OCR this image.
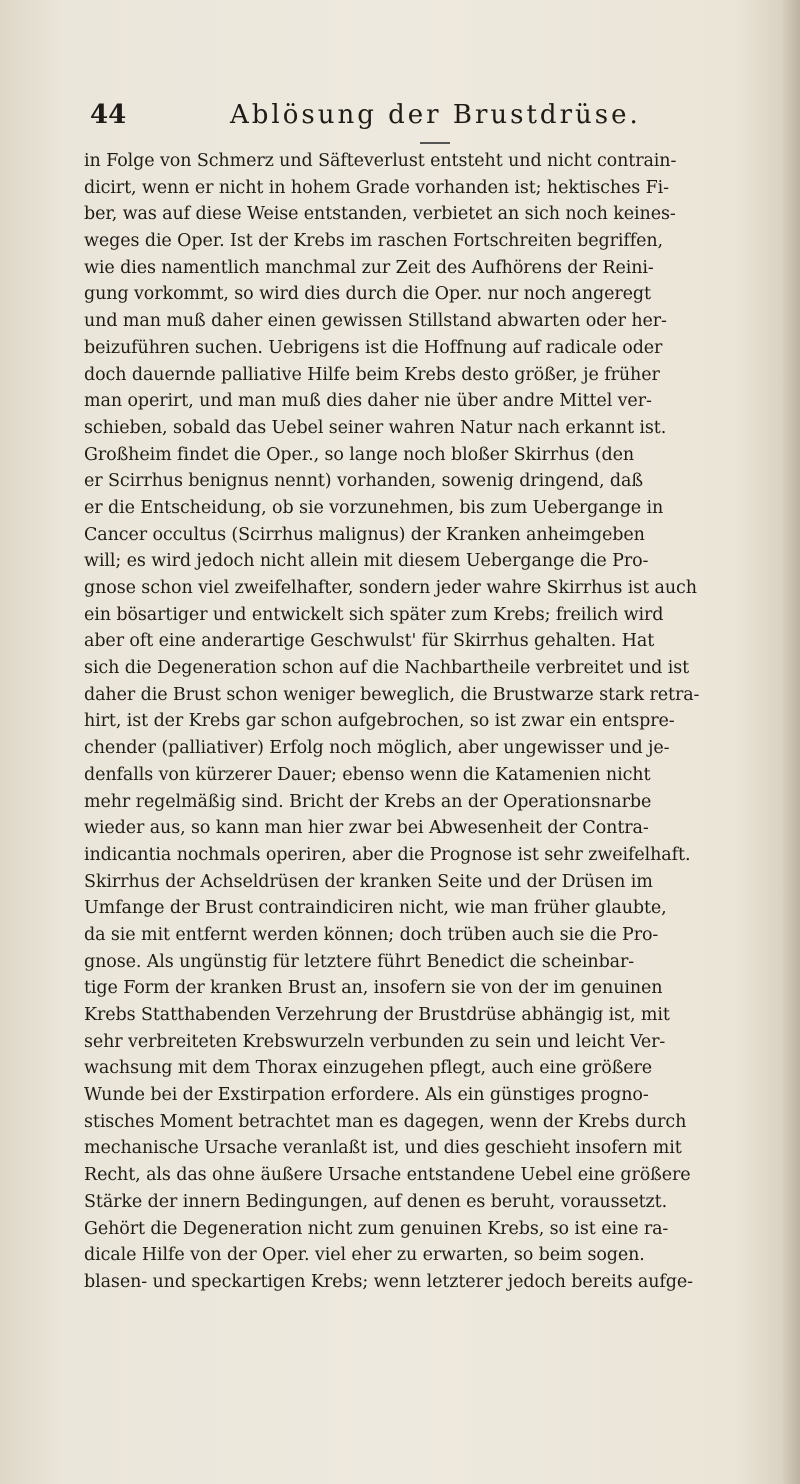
44	Ablösung der Brustdrüse.
in Folge von Schmerz und Säfteverlust entsteht und nicht contrain-
dicirt, wenn er nicht in hohem Grade vorhanden ist; hektisches Fi-
ber, was auf diese Weise entstanden, verbietet an sich noch keines-
weges die Oper. Ist der Krebs im raschen Fortschreiten begriffen,
wie dies namentlich manchmal zur Zeit des Aufhörens der Reini-
gung vorkommt, so wird dies durch die Oper. nur noch angeregt
und man muß daher einen gewissen Stillstand abwarten oder her-
beizuführen suchen. Uebrigens ist die Hoffnung auf radicale oder
doch dauernde palliative Hilfe beim Krebs desto größer, je früher
man operirt, und man muß dies daher nie über andre Mittel ver-
schieben, sobald das Uebel seiner wahren Natur nach erkannt ist.
Großheim findet die Oper., so lange noch bloßer Skirrhus (den
er Scirrhus benignus nennt) vorhanden, sowenig dringend, daß
er die Entscheidung, ob sie vorzunehmen, bis zum Uebergange in
Cancer occultus (Scirrhus malignus) der Kranken anheimgeben
will; es wird jedoch nicht allein mit diesem Uebergange die Pro-
gnose schon viel zweifelhafter, sondern jeder wahre Skirrhus ist auch
ein bösartiger und entwickelt sich später zum Krebs; freilich wird
aber oft eine anderartige Geschwulst' für Skirrhus gehalten. Hat
sich die Degeneration schon auf die Nachbartheile verbreitet und ist
daher die Brust schon weniger beweglich, die Brustwarze stark retra-
hirt, ist der Krebs gar schon aufgebrochen, so ist zwar ein entspre-
chender (palliativer) Erfolg noch möglich, aber ungewisser und je-
denfalls von kürzerer Dauer; ebenso wenn die Katamenien nicht
mehr regelmäßig sind. Bricht der Krebs an der Operationsnarbe
wieder aus, so kann man hier zwar bei Abwesenheit der Contra-
indicantia nochmals operiren, aber die Prognose ist sehr zweifelhaft.
Skirrhus der Achseldrüsen der kranken Seite und der Drüsen im
Umfange der Brust contraindiciren nicht, wie man früher glaubte,
da sie mit entfernt werden können; doch trüben auch sie die Pro-
gnose. Als ungünstig für letztere führt Benedict die scheinbar-
tige Form der kranken Brust an, insofern sie von der im genuinen
Krebs Statthabenden Verzehrung der Brustdrüse abhängig ist, mit
sehr verbreiteten Krebswurzeln verbunden zu sein und leicht Ver-
wachsung mit dem Thorax einzugehen pflegt, auch eine größere
Wunde bei der Exstirpation erforderе. Als ein günstiges progno-
stisches Moment betrachtet man es dagegen, wenn der Krebs durch
mechanische Ursache veranlaßt ist, und dies geschieht insofern mit
Recht, als das ohne äußere Ursache entstandene Uebel eine größere
Stärke der innern Bedingungen, auf denen es beruht, voraussetzt.
Gehört die Degeneration nicht zum genuinen Krebs, so ist eine ra-
dicale Hilfe von der Oper. viel eher zu erwarten, so beim sogen.
blasen- und speckartigen Krebs; wenn letzterer jedoch bereits aufge-
